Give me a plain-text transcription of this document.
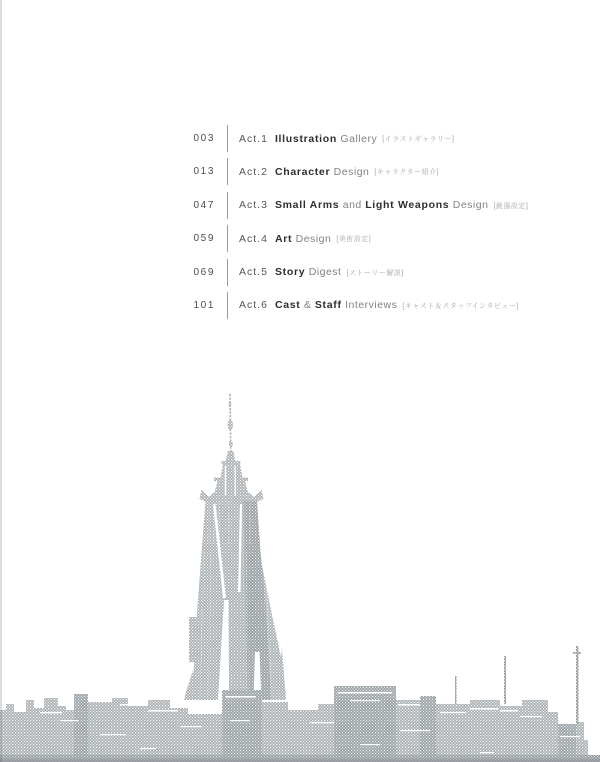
003 Act.1 Illustration Gallery [イラストギャラリー]
013 Act.2 Character Design [キャラクター紹介]
047 Act.3 Small Arms and Light Weapons Design [銃器設定]
059 Act.4 Art Design [美術設定]
069 Act.5 Story Digest [ストーリー解説]
101 Act.6 Cast & Staff Interviews [キャスト＆スタッフインタビュー]
